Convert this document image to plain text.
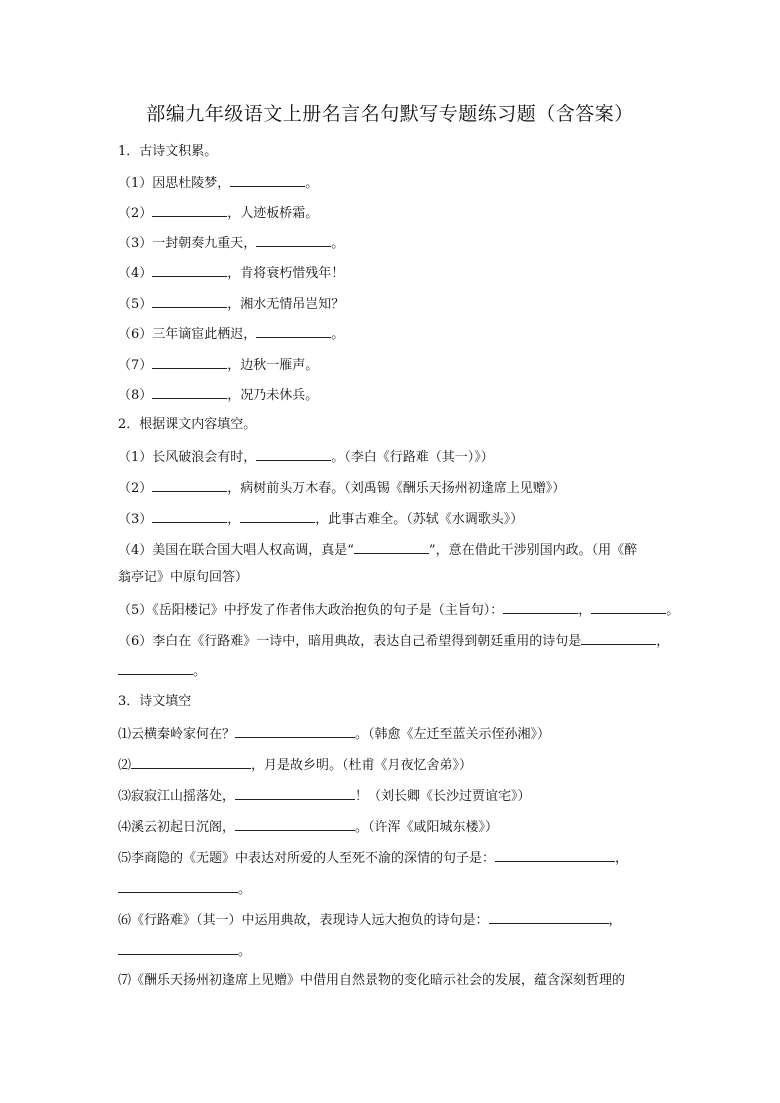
部编九年级语文上册名言名句默写专题练习题（含答案）
1．古诗文积累。
（1）因思杜陵梦，	。
（2）	，人迹板桥霜。
（3）一封朝奏九重天，	。
（4）	，肯将衰朽惜残年！
（5）	，湘水无情吊岂知？
（6）三年谪宦此栖迟，	。
（7）	，边秋一雁声。
（8）	，况乃未休兵。
2．根据课文内容填空。
（1）长风破浪会有时，	。（李白《行路难（其一）》）
（2）	，病树前头万木春。（刘禹锡《酬乐天扬州初逢席上见赠》）
（3）	，	，此事古难全。（苏轼《水调歌头》）
（4）美国在联合国大唱人权高调，真是“	”，意在借此干涉别国内政。（用《醉
翁亭记》中原句回答）
（5）《岳阳楼记》中抒发了作者伟大政治抱负的句子是（主旨句）：	，	。
（6）李白在《行路难》一诗中，暗用典故，表达自己希望得到朝廷重用的诗句是	，
。
3．诗文填空
⑴云横秦岭家何在？	。（韩愈《左迁至蓝关示侄孙湘》）
⑵	，月是故乡明。（杜甫《月夜忆舍弟》）
⑶寂寂江山摇落处，	！（刘长卿《长沙过贾谊宅》）
⑷溪云初起日沉阁，	。（许浑《咸阳城东楼》）
⑸李商隐的《无题》中表达对所爱的人至死不渝的深情的句子是：	，
。
⑹《行路难》（其一）中运用典故，表现诗人远大抱负的诗句是：	，
。
⑺《酬乐天扬州初逢席上见赠》中借用自然景物的变化暗示社会的发展，蕴含深刻哲理的
